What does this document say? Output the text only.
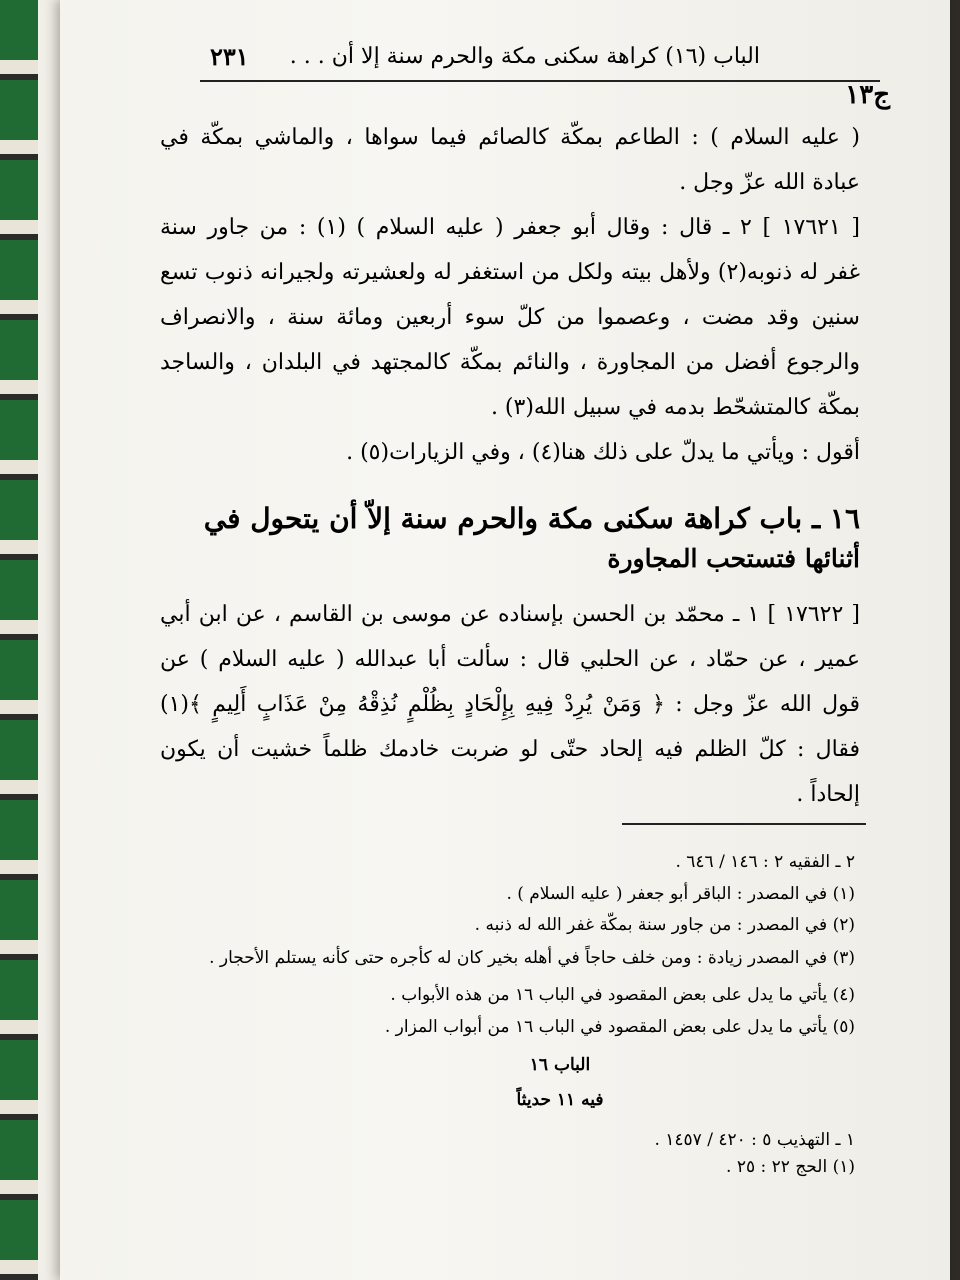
٢٣١ الباب (١٦) كراهة سكنى مكة والحرم سنة إلا أن . . .
ج١٣
( عليه السلام ) : الطاعم بمكّة كالصائم فيما سواها ، والماشي بمكّة في
عبادة الله عزّ وجل .
[ ١٧٦٢١ ] ٢ ـ قال : وقال أبو جعفر ( عليه السلام ) (١) : من جاور سنة
غفر له ذنوبه(٢) ولأهل بيته ولكل من استغفر له ولعشيرته ولجيرانه ذنوب تسع
سنين وقد مضت ، وعصموا من كلّ سوء أربعين ومائة سنة ، والانصراف
والرجوع أفضل من المجاورة ، والنائم بمكّة كالمجتهد في البلدان ، والساجد
بمكّة كالمتشحّط بدمه في سبيل الله(٣) .
أقول : ويأتي ما يدلّ على ذلك هنا(٤) ، وفي الزيارات(٥) .
١٦ ـ باب كراهة سكنى مكة والحرم سنة إلاّ أن يتحول في
أثنائها فتستحب المجاورة
[ ١٧٦٢٢ ] ١ ـ محمّد بن الحسن بإسناده عن موسى بن القاسم ، عن ابن أبي
عمير ، عن حمّاد ، عن الحلبي قال : سألت أبا عبدالله ( عليه السلام ) عن
قول الله عزّ وجل : ﴿ وَمَنْ يُرِدْ فِيهِ بِإِلْحَادٍ بِظُلْمٍ نُذِقْهُ مِنْ عَذَابٍ أَلِيمٍ ﴾(١)
فقال : كلّ الظلم فيه إلحاد حتّى لو ضربت خادمك ظلماً خشيت أن يكون
إلحاداً .
٢ ـ الفقيه ٢ : ١٤٦ / ٦٤٦ .
(١) في المصدر : الباقر أبو جعفر ( عليه السلام ) .
(٢) في المصدر : من جاور سنة بمكّة غفر الله له ذنبه .
(٣) في المصدر زيادة : ومن خلف حاجاً في أهله بخير كان له كأجره حتى كأنه يستلم الأحجار .
(٤) يأتي ما يدل على بعض المقصود في الباب ١٦ من هذه الأبواب .
(٥) يأتي ما يدل على بعض المقصود في الباب ١٦ من أبواب المزار .
الباب ١٦
فيه ١١ حديثاً
١ ـ التهذيب ٥ : ٤٢٠ / ١٤٥٧ .
(١) الحج ٢٢ : ٢٥ .
